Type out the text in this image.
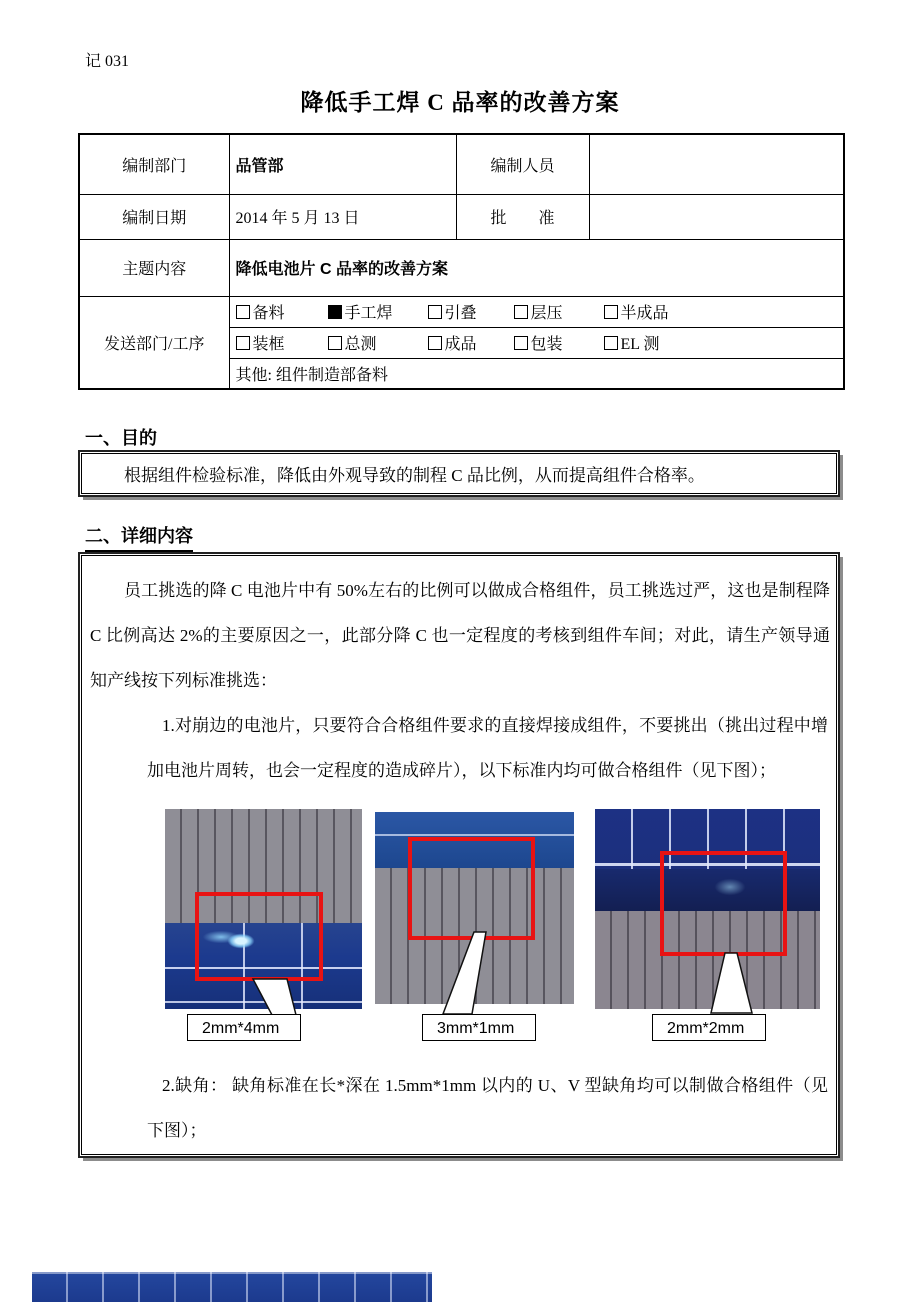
记 031
降低手工焊 C 品率的改善方案
编制部门	品管部	编制人员	
编制日期	2014 年 5 月 13 日	批　　准	
主题内容	降低电池片 C 品率的改善方案		
发送部门/工序	备料 手工焊 引叠 层压 半成品		

	装框 总测 成品 包装 EL 测		

	其他: 组件制造部备料		
一、目的

根据组件检验标准，降低由外观导致的制程 C 品比例，从而提高组件合格率。

二、详细内容

员工挑选的降 C 电池片中有 50%左右的比例可以做成合格组件，员工挑选过严，这也是制程降 C 比例高达 2%的主要原因之一，此部分降 C 也一定程度的考核到组件车间；对此，请生产领导通知产线按下列标准挑选：

1.对崩边的电池片，只要符合合格组件要求的直接焊接成组件，不要挑出（挑出过程中增加电池片周转，也会一定程度的造成碎片），以下标准内均可做合格组件（见下图）；

2mm*4mm	3mm*1mm	2mm*2mm

2.缺角： 缺角标准在长*深在 1.5mm*1mm 以内的 U、V 型缺角均可以制做合格组件（见下图）；
